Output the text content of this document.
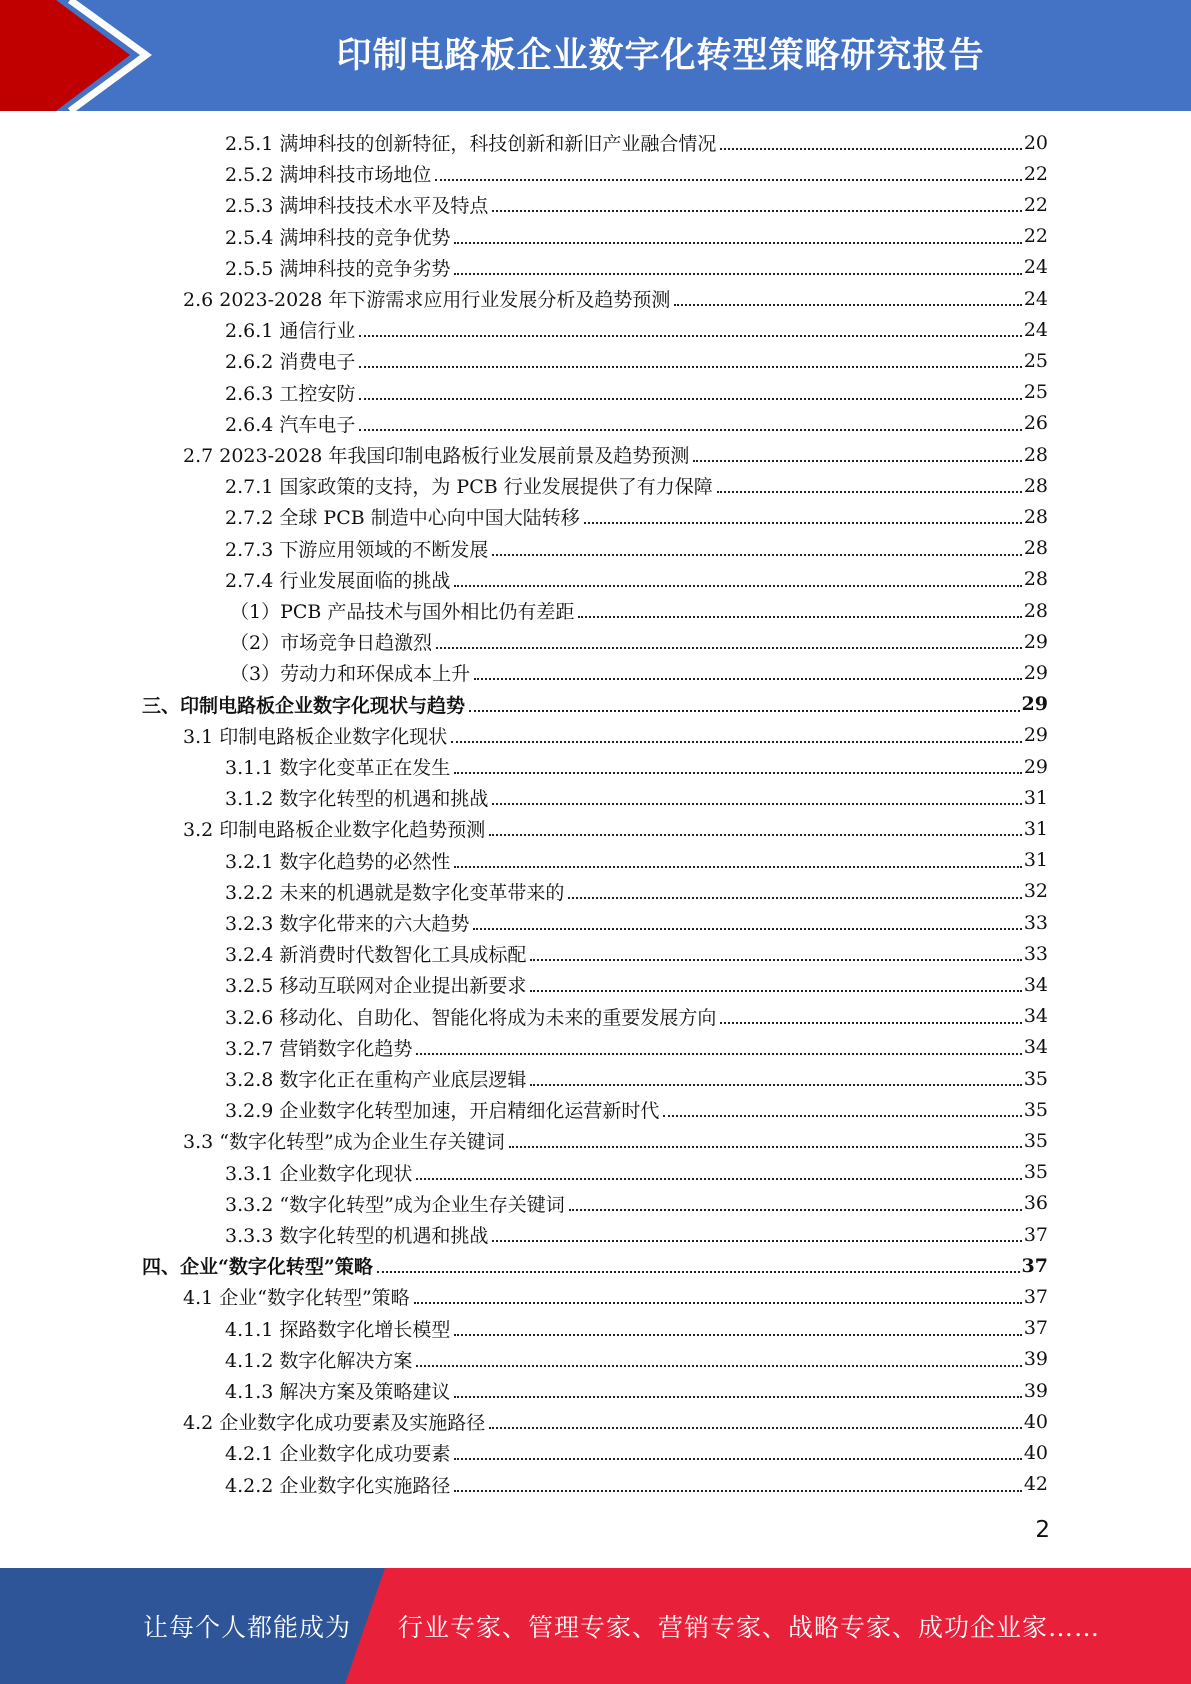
印制电路板企业数字化转型策略研究报告
2.5.1 满坤科技的创新特征，科技创新和新旧产业融合情况	20
2.5.2 满坤科技市场地位	22
2.5.3 满坤科技技术水平及特点	22
2.5.4 满坤科技的竞争优势	22
2.5.5 满坤科技的竞争劣势	24
2.6 2023-2028 年下游需求应用行业发展分析及趋势预测	24
2.6.1 通信行业	24
2.6.2 消费电子	25
2.6.3 工控安防	25
2.6.4 汽车电子	26
2.7 2023-2028 年我国印制电路板行业发展前景及趋势预测	28
2.7.1 国家政策的支持，为 PCB 行业发展提供了有力保障	28
2.7.2 全球 PCB 制造中心向中国大陆转移	28
2.7.3 下游应用领域的不断发展	28
2.7.4 行业发展面临的挑战	28
（1）PCB 产品技术与国外相比仍有差距	28
（2）市场竞争日趋激烈	29
（3）劳动力和环保成本上升	29
三、印制电路板企业数字化现状与趋势	29
3.1 印制电路板企业数字化现状	29
3.1.1 数字化变革正在发生	29
3.1.2 数字化转型的机遇和挑战	31
3.2 印制电路板企业数字化趋势预测	31
3.2.1 数字化趋势的必然性	31
3.2.2 未来的机遇就是数字化变革带来的	32
3.2.3 数字化带来的六大趋势	33
3.2.4 新消费时代数智化工具成标配	33
3.2.5 移动互联网对企业提出新要求	34
3.2.6 移动化、自助化、智能化将成为未来的重要发展方向	34
3.2.7 营销数字化趋势	34
3.2.8 数字化正在重构产业底层逻辑	35
3.2.9 企业数字化转型加速，开启精细化运营新时代	35
3.3 “数字化转型”成为企业生存关键词	35
3.3.1 企业数字化现状	35
3.3.2 “数字化转型”成为企业生存关键词	36
3.3.3 数字化转型的机遇和挑战	37
四、企业“数字化转型”策略	37
4.1 企业“数字化转型”策略	37
4.1.1 探路数字化增长模型	37
4.1.2 数字化解决方案	39
4.1.3 解决方案及策略建议	39
4.2 企业数字化成功要素及实施路径	40
4.2.1 企业数字化成功要素	40
4.2.2 企业数字化实施路径	42
2
让每个人都能成为 行业专家、管理专家、营销专家、战略专家、成功企业家……
